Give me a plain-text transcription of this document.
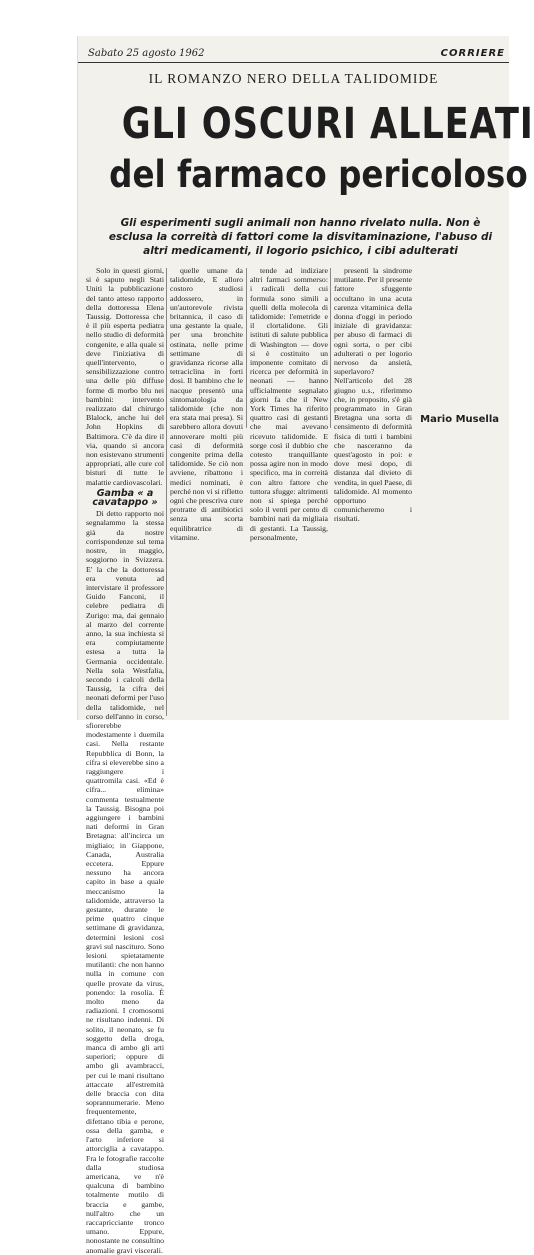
Sabato 25 agosto 1962	CORRIERE
IL ROMANZO NERO DELLA TALIDOMIDE
GLI OSCURI ALLEATI
del farmaco pericoloso
Gli esperimenti sugli animali non hanno rivelato nulla. Non è esclusa la correità di fattori come la disvitaminazione, l'abuso di altri medicamenti, il logorio psichico, i cibi adulterati

Solo in questi giorni, si è saputo negli Stati Uniti la pubblicazione del tanto atteso rapporto della dottoressa Elena Taussig. Dottoressa che è il più esperta pediatra nello studio di deformità congenite, e alla quale si deve l'iniziativa di quell'intervento, o sensibilizzazione contro una delle più diffuse forme di morbo blu nei bambini: intervento realizzato dal chirurgo Blalock, anche lui del John Hopkins di Baltimora. C'è da dire il via, quando si ancora non esistevano strumenti appropriati, alle cure col bisturi di tutte le malattie cardiovascolari.

Gamba « a cavatappo »

Di detto rapporto noi segnalammo la stessa già da nostre corrispondenze sul tema nostre, in maggio, soggiorno in Svizzera. E' la che la dottoressa era venuta ad intervistare il professore Guido Fanconi, il celebre pediatra di Zurigo: ma, dai gennaio al marzo del corrente anno, la sua inchiesta si era compiutamente estesa a tutta la Germania occidentale. Nella sola Westfalia, secondo i calcoli della Taussig, la cifra dei neonati deformi per l'uso della talidomide, nel corso dell'anno in corso, sfiorerebbe modestamente i duemila casi. Nella restante Repubblica di Bonn, la cifra si eleverebbe sino a raggiungere i quattromila casi. «Ed è cifra... elimina» commenta testualmente la Taussig. Bisogna poi aggiungere i bambini nati deformi in Gran Bretagna: all'incirca un migliaio; in Giappone, Canada, Australia eccetera. Eppure nessuno ha ancora capito in base a quale meccanismo la talidomide, attraverso la gestante, durante le prime quattro cinque settimane di gravidanza, determini lesioni così gravi sul nascituro. Sono lesioni spietatamente mutilanti: che non hanno nulla in comune con quelle provate da virus, ponendo: la rosolia. È molto meno da radiazioni. I cromosomi ne risultano indenni. Di solito, il neonato, se fu soggetto della droga, manca di ambo gli arti superiori; oppure di ambo gli avambracci, per cui le mani risultano attaccate all'estremità delle braccia con dita soprannumerarie. Meno frequentemente, difettano tibia e perone, ossa della gamba, e l'arto inferiore si attorciglia a cavatappo. Fra le fotografie raccolte dalla studiosa americana, ve n'è qualcuna di bambino totalmente mutilo di braccia e gambe, null'altro che un raccapricciante tronco umano. Eppure, nonostante ne consultino anomalie gravi viscerali.

quelle umane da talidomide, E alloro costoro studiosi addossero, in un'autorevole rivista britannica, il caso di una gestante la quale, per una bronchite ostinata, nelle prime settimane di gravidanza ricorse alla tetraciclina in forti dosi. Il bambino che le nacque presentò una sintomatologia da talidomide (che non era stata mai presa). Si sarebbero allora dovuti annoverare molti più casi di deformità congenite prima della talidomide. Se ciò non avviene, ribattono i medici nominati, è perché non vi si rifletto ogni che prescriva cure protratte di antibiotici senza una scorta equilibratrice di vitamine.

tende ad indiziare altri farmaci sommerso: i radicali della cui formula sono simili a quelli della molecola di talidomide: l'emetride e il clortalidone. Gli istituti di salute pubblica di Washington — dove si è costituito un imponente comitato di ricerca per deformità in neonati — hanno ufficialmente segnalato giorni fa che il New York Times ha riferito quattro casi di gestanti che mai avevano ricevuto talidomide. E sorge così il dubbio che cotesto tranquillante possa agire non in modo specifico, ma in correità con altro fattore che tuttora sfugge: altrimenti non si spiega perché solo il venti per cento di bambini nati da migliaia di gestanti. La Taussig, personalmente,

presentì la sindrome mutilante. Per il presente fattore sfuggente occultano in una acuta carenza vitaminica della donna d'oggi in periodo iniziale di gravidanza: per abuso di farmaci di ogni sorta, o per cibi adulterati o per logorio nervoso da ansietà, superlavoro? Nell'articolo del 28 giugno u.s., riferimmo che, in proposito, s'è già programmato in Gran Bretagna una sorta di censimento di deformità fisica di tutti i bambini che nasceranno da quest'agosto in poi: e dove mesi dopo, di distanza dal divieto di vendita, in quel Paese, di talidomide. Al momento opportuno comunicheremo i risultati.

Mario Musella
